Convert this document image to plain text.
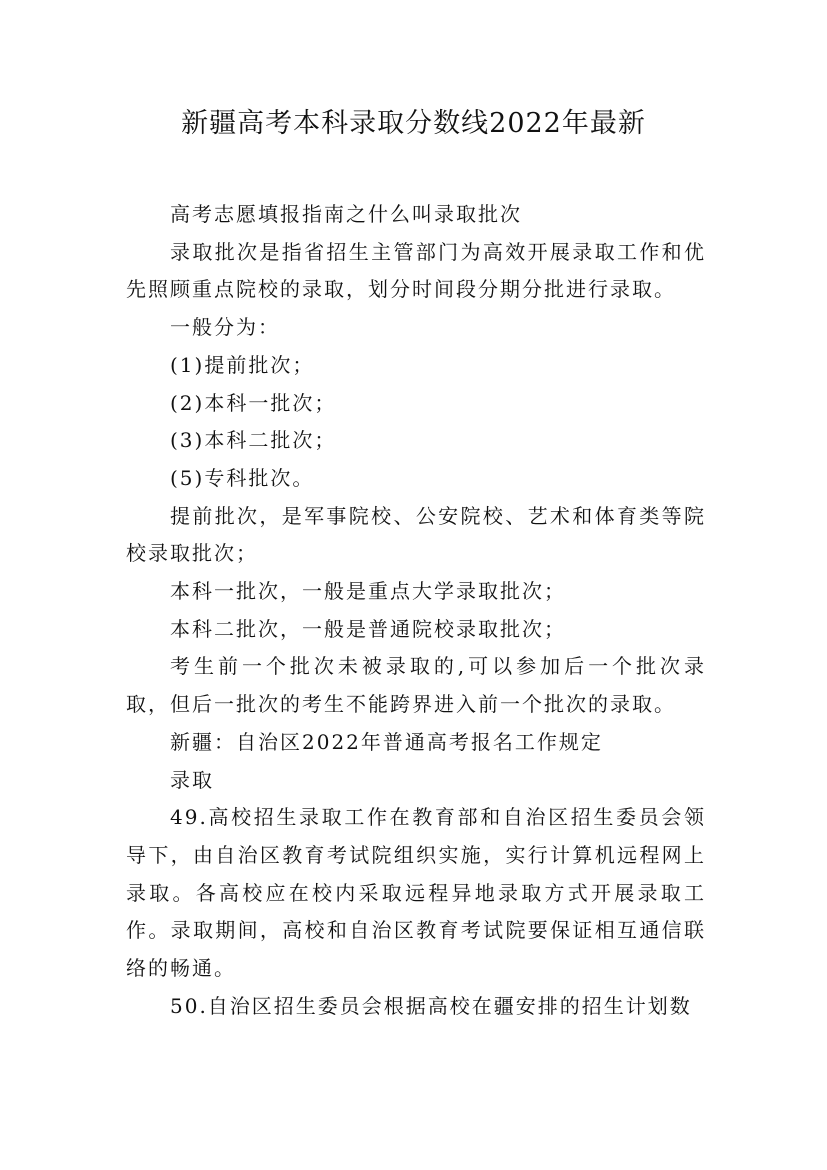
新疆高考本科录取分数线2022年最新

高考志愿填报指南之什么叫录取批次

录取批次是指省招生主管部门为高效开展录取工作和优先照顾重点院校的录取，划分时间段分期分批进行录取。

一般分为：

(1)提前批次；

(2)本科一批次；

(3)本科二批次；

(5)专科批次。

提前批次，是军事院校、公安院校、艺术和体育类等院校录取批次；

本科一批次，一般是重点大学录取批次；

本科二批次，一般是普通院校录取批次；

考生前一个批次未被录取的,可以参加后一个批次录取，但后一批次的考生不能跨界进入前一个批次的录取。

新疆：自治区2022年普通高考报名工作规定

录取

49.高校招生录取工作在教育部和自治区招生委员会领导下，由自治区教育考试院组织实施，实行计算机远程网上录取。各高校应在校内采取远程异地录取方式开展录取工作。录取期间，高校和自治区教育考试院要保证相互通信联络的畅通。

50.自治区招生委员会根据高校在疆安排的招生计划数
